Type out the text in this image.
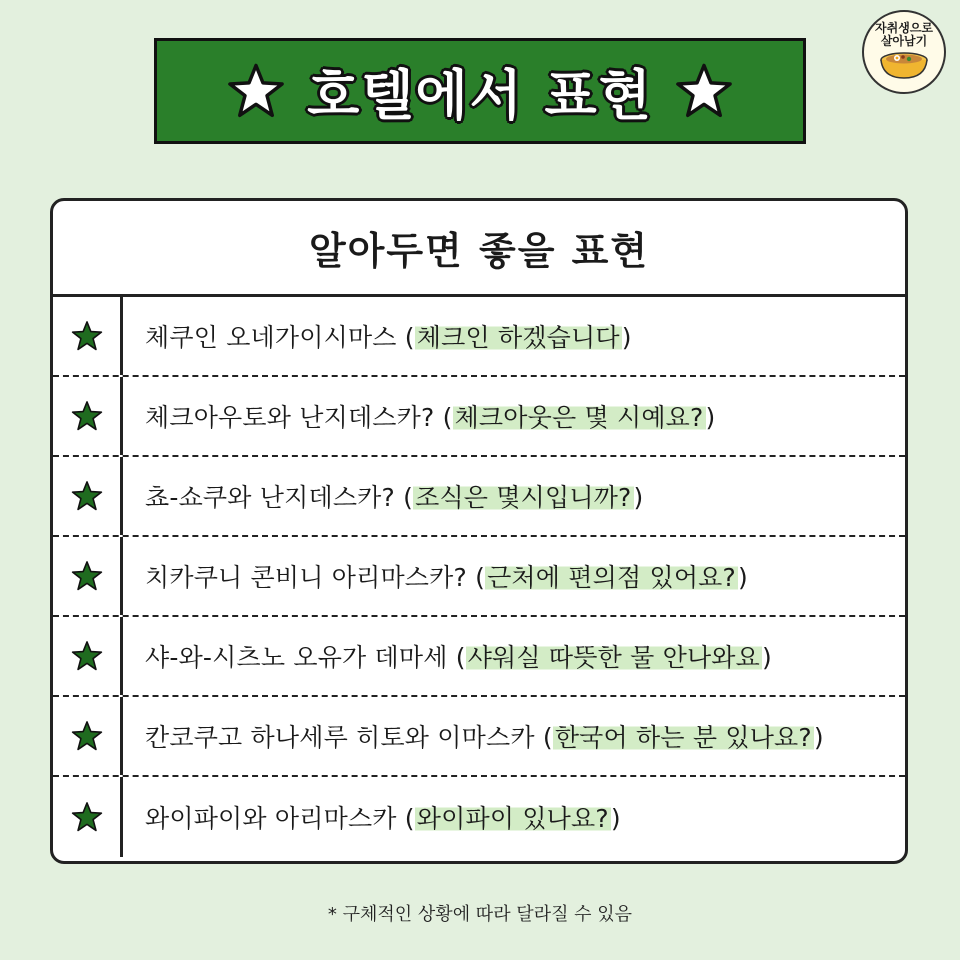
호텔에서 표현
자취생으로
살아남기
알아두면 좋을 표현
체쿠인 오네가이시마스 (체크인 하겠습니다)
체크아우토와 난지데스카? (체크아웃은 몇 시예요?)
쵸-쇼쿠와 난지데스카? (조식은 몇시입니까?)
치카쿠니 콘비니 아리마스카? (근처에 편의점 있어요?)
샤-와-시츠노 오유가 데마세 (샤워실 따뜻한 물 안나와요)
칸코쿠고 하나세루 히토와 이마스카 (한국어 하는 분 있나요?)
와이파이와 아리마스카 (와이파이 있나요?)
* 구체적인 상황에 따라 달라질 수 있음
